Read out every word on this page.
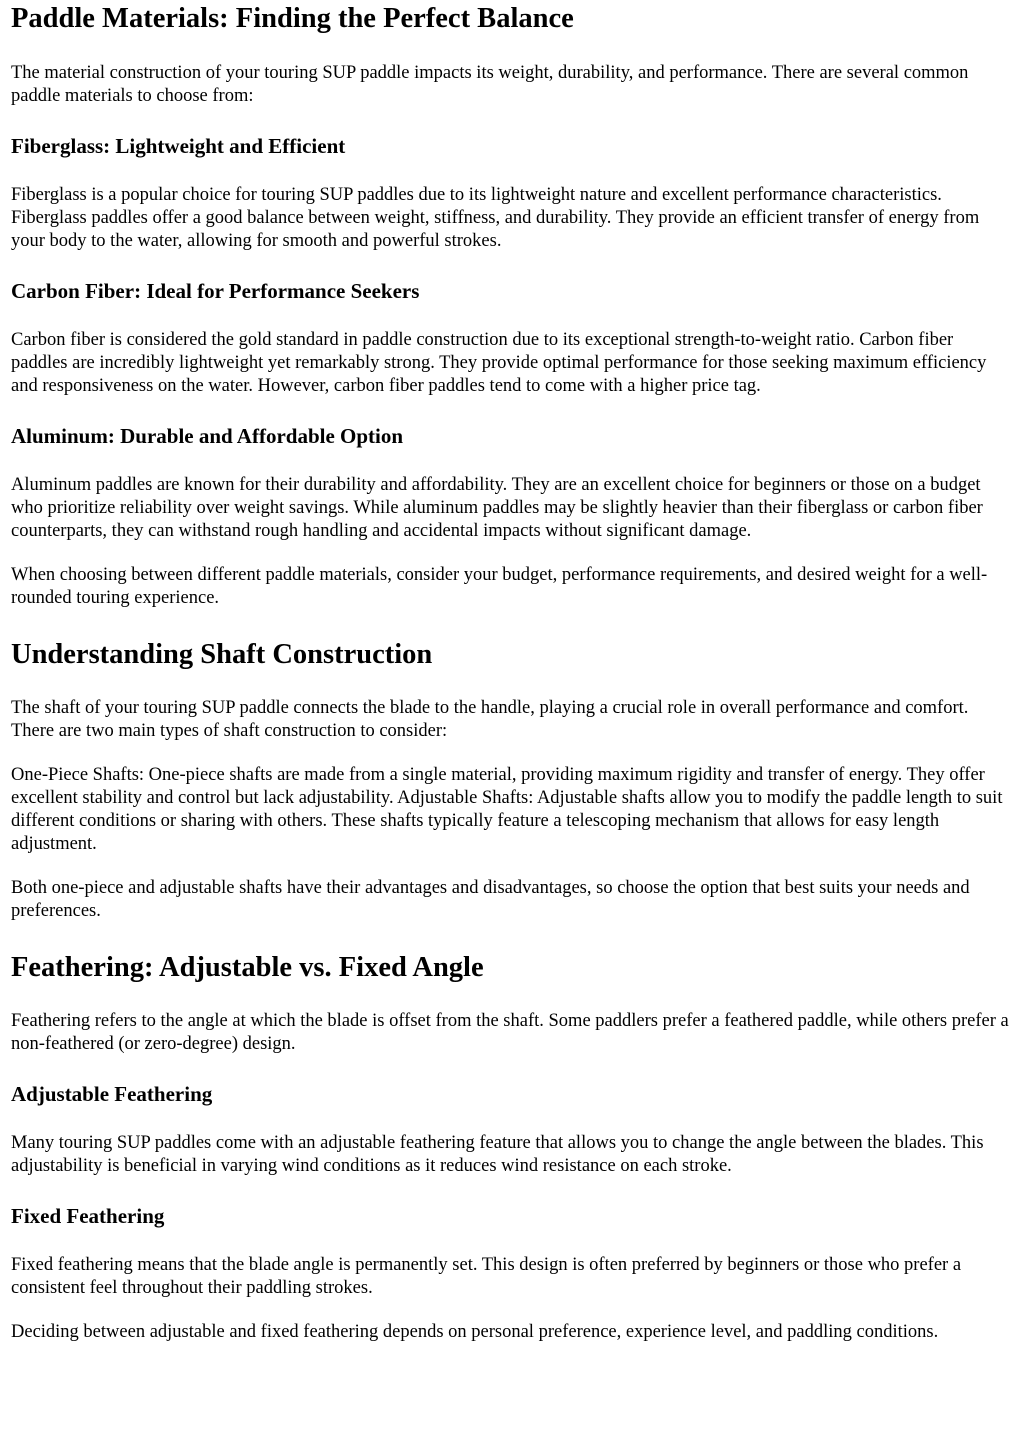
Paddle Materials: Finding the Perfect Balance

The material construction of your touring SUP paddle impacts its weight, durability, and performance. There are several common paddle materials to choose from:

Fiberglass: Lightweight and Efficient

Fiberglass is a popular choice for touring SUP paddles due to its lightweight nature and excellent performance characteristics. Fiberglass paddles offer a good balance between weight, stiffness, and durability. They provide an efficient transfer of energy from your body to the water, allowing for smooth and powerful strokes.

Carbon Fiber: Ideal for Performance Seekers

Carbon fiber is considered the gold standard in paddle construction due to its exceptional strength-to-weight ratio. Carbon fiber paddles are incredibly lightweight yet remarkably strong. They provide optimal performance for those seeking maximum efficiency and responsiveness on the water. However, carbon fiber paddles tend to come with a higher price tag.

Aluminum: Durable and Affordable Option

Aluminum paddles are known for their durability and affordability. They are an excellent choice for beginners or those on a budget who prioritize reliability over weight savings. While aluminum paddles may be slightly heavier than their fiberglass or carbon fiber counterparts, they can withstand rough handling and accidental impacts without significant damage.

When choosing between different paddle materials, consider your budget, performance requirements, and desired weight for a well-rounded touring experience.

Understanding Shaft Construction

The shaft of your touring SUP paddle connects the blade to the handle, playing a crucial role in overall performance and comfort. There are two main types of shaft construction to consider:

One-Piece Shafts: One-piece shafts are made from a single material, providing maximum rigidity and transfer of energy. They offer excellent stability and control but lack adjustability. Adjustable Shafts: Adjustable shafts allow you to modify the paddle length to suit different conditions or sharing with others. These shafts typically feature a telescoping mechanism that allows for easy length adjustment.

Both one-piece and adjustable shafts have their advantages and disadvantages, so choose the option that best suits your needs and preferences.

Feathering: Adjustable vs. Fixed Angle

Feathering refers to the angle at which the blade is offset from the shaft. Some paddlers prefer a feathered paddle, while others prefer a non-feathered (or zero-degree) design.

Adjustable Feathering

Many touring SUP paddles come with an adjustable feathering feature that allows you to change the angle between the blades. This adjustability is beneficial in varying wind conditions as it reduces wind resistance on each stroke.

Fixed Feathering

Fixed feathering means that the blade angle is permanently set. This design is often preferred by beginners or those who prefer a consistent feel throughout their paddling strokes.

Deciding between adjustable and fixed feathering depends on personal preference, experience level, and paddling conditions.
